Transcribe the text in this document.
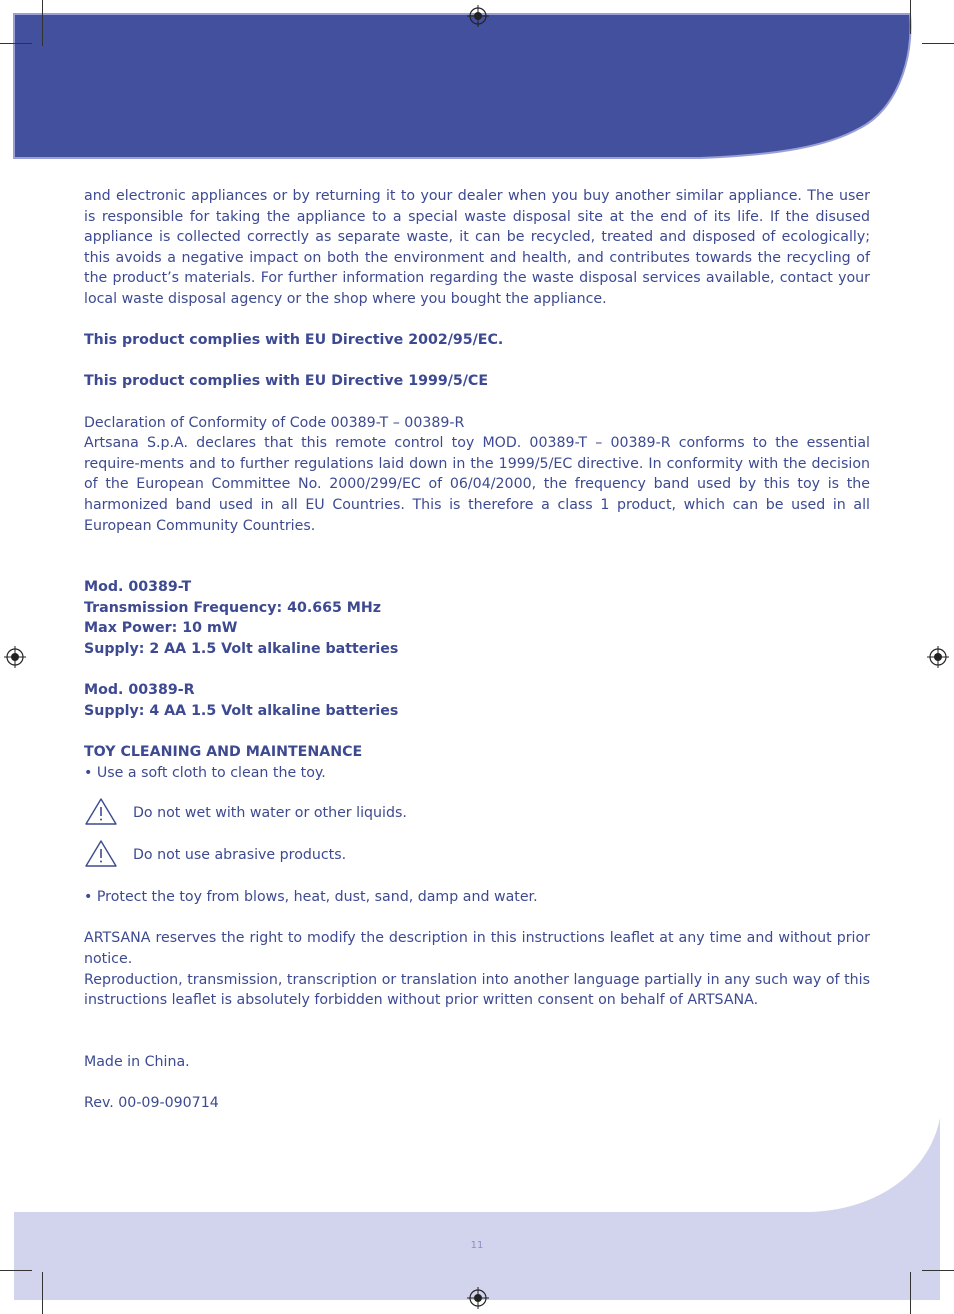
and electronic appliances or by returning it to your dealer when you buy another similar appliance. The user is responsible for taking the appliance to a special waste disposal site at the end of its life. If the disused appliance is collected correctly as separate waste, it can be recycled, treated and disposed of ecologically; this avoids a negative impact on both the environment and health, and contributes towards the recycling of the product’s materials. For further information regarding the waste disposal services available, contact your local waste disposal agency or the shop where you bought the appliance.

This product complies with EU Directive 2002/95/EC.

This product complies with EU Directive 1999/5/CE

Declaration of Conformity of Code 00389-T – 00389-R

Artsana S.p.A. declares that this remote control toy MOD. 00389-T – 00389-R conforms to the essential require-ments and to further regulations laid down in the 1999/5/EC directive. In conformity with the decision of the European Committee No. 2000/299/EC of 06/04/2000, the frequency band used by this toy is the harmonized band used in all EU Countries. This is therefore a class 1 product, which can be used in all European Community Countries.

Mod. 00389-T

Transmission Frequency: 40.665 MHz

Max Power: 10 mW

Supply: 2 AA 1.5 Volt alkaline batteries

Mod. 00389-R

Supply: 4 AA 1.5 Volt alkaline batteries

TOY CLEANING AND MAINTENANCE

• Use a soft cloth to clean the toy.

Do not wet with water or other liquids.
Do not use abrasive products.

• Protect the toy from blows, heat, dust, sand, damp and water.

ARTSANA reserves the right to modify the description in this instructions leaflet at any time and without prior notice.

Reproduction, transmission, transcription or translation into another language partially in any such way of this instructions leaflet is absolutely forbidden without prior written consent on behalf of ARTSANA.

Made in China.

Rev. 00-09-090714

11
